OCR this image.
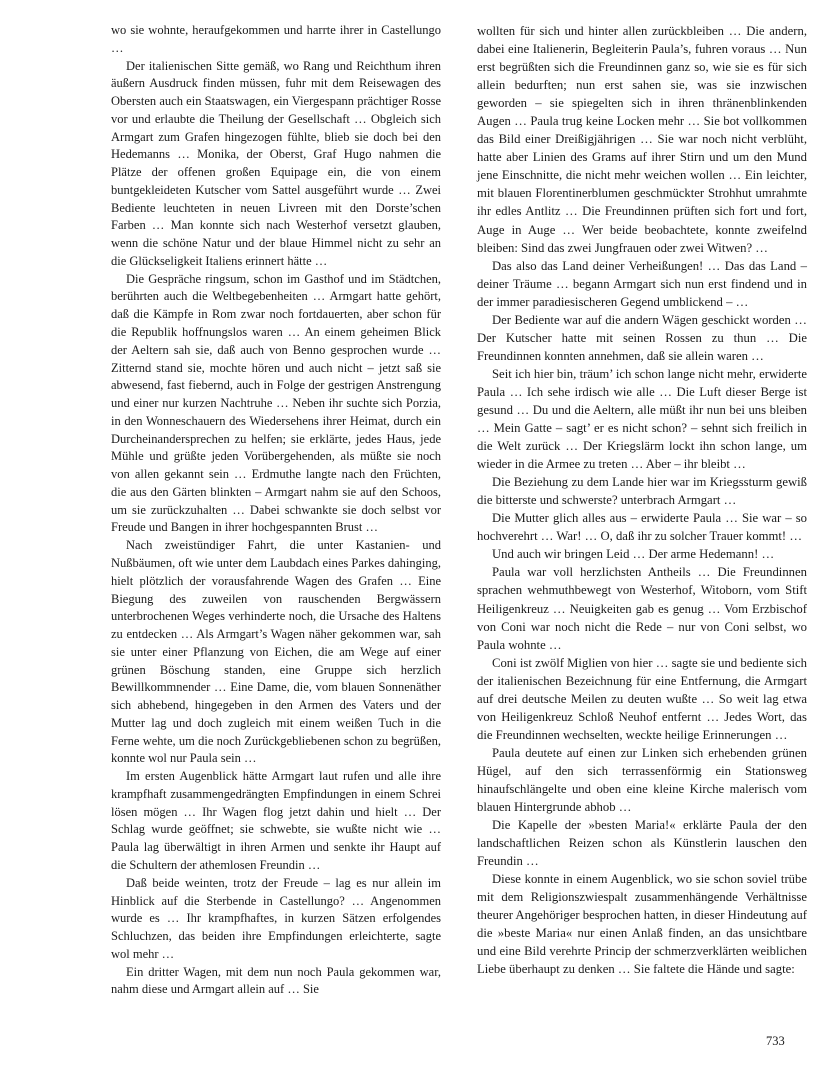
wo sie wohnte, heraufgekommen und harrte ihrer in Castellungo …

Der italienischen Sitte gemäß, wo Rang und Reichthum ihren äußern Ausdruck finden müssen, fuhr mit dem Reisewagen des Obersten auch ein Staatswagen, ein Viergespann prächtiger Rosse vor und erlaubte die Theilung der Gesellschaft … Obgleich sich Armgart zum Grafen hingezogen fühlte, blieb sie doch bei den Hedemanns … Monika, der Oberst, Graf Hugo nahmen die Plätze der offenen großen Equipage ein, die von einem buntgekleideten Kutscher vom Sattel ausgeführt wurde … Zwei Bediente leuchteten in neuen Livreen mit den Dorste’schen Farben … Man konnte sich nach Westerhof versetzt glauben, wenn die schöne Natur und der blaue Himmel nicht zu sehr an die Glückseligkeit Italiens erinnert hätte …

Die Gespräche ringsum, schon im Gasthof und im Städtchen, berührten auch die Weltbegebenheiten … Armgart hatte gehört, daß die Kämpfe in Rom zwar noch fortdauerten, aber schon für die Republik hoffnungslos waren … An einem geheimen Blick der Aeltern sah sie, daß auch von Benno gesprochen wurde … Zitternd stand sie, mochte hören und auch nicht – jetzt saß sie abwesend, fast fiebernd, auch in Folge der gestrigen Anstrengung und einer nur kurzen Nachtruhe … Neben ihr suchte sich Porzia, in den Wonneschauern des Wiedersehens ihrer Heimat, durch ein Durcheinandersprechen zu helfen; sie erklärte, jedes Haus, jede Mühle und grüßte jeden Vorübergehenden, als müßte sie noch von allen gekannt sein … Erdmuthe langte nach den Früchten, die aus den Gärten blinkten – Armgart nahm sie auf den Schoos, um sie zurückzuhalten … Dabei schwankte sie doch selbst vor Freude und Bangen in ihrer hochgespannten Brust …

Nach zweistündiger Fahrt, die unter Kastanien- und Nußbäumen, oft wie unter dem Laubdach eines Parkes dahinging, hielt plötzlich der vorausfahrende Wagen des Grafen … Eine Biegung des zuweilen von rauschenden Bergwässern unterbrochenen Weges verhinderte noch, die Ursache des Haltens zu entdecken … Als Armgart’s Wagen näher gekommen war, sah sie unter einer Pflanzung von Eichen, die am Wege auf einer grünen Böschung standen, eine Gruppe sich herzlich Bewillkommnender … Eine Dame, die, vom blauen Sonnenäther sich abhebend, hingegeben in den Armen des Vaters und der Mutter lag und doch zugleich mit einem weißen Tuch in die Ferne wehte, um die noch Zurückgebliebenen schon zu begrüßen, konnte wol nur Paula sein …

Im ersten Augenblick hätte Armgart laut rufen und alle ihre krampfhaft zusammengedrängten Empfindungen in einem Schrei lösen mögen … Ihr Wagen flog jetzt dahin und hielt … Der Schlag wurde geöffnet; sie schwebte, sie wußte nicht wie … Paula lag überwältigt in ihren Armen und senkte ihr Haupt auf die Schultern der athemlosen Freundin …

Daß beide weinten, trotz der Freude – lag es nur allein im Hinblick auf die Sterbende in Castellungo? … Angenommen wurde es … Ihr krampfhaftes, in kurzen Sätzen erfolgendes Schluchzen, das beiden ihre Empfindungen erleichterte, sagte wol mehr …

Ein dritter Wagen, mit dem nun noch Paula gekommen war, nahm diese und Armgart allein auf … Sie

wollten für sich und hinter allen zurückbleiben … Die andern, dabei eine Italienerin, Begleiterin Paula’s, fuhren voraus … Nun erst begrüßten sich die Freundinnen ganz so, wie sie es für sich allein bedurften; nun erst sahen sie, was sie inzwischen geworden – sie spiegelten sich in ihren thränenblinkenden Augen … Paula trug keine Locken mehr … Sie bot vollkommen das Bild einer Dreißigjährigen … Sie war noch nicht verblüht, hatte aber Linien des Grams auf ihrer Stirn und um den Mund jene Einschnitte, die nicht mehr weichen wollen … Ein leichter, mit blauen Florentinerblumen geschmückter Strohhut umrahmte ihr edles Antlitz … Die Freundinnen prüften sich fort und fort, Auge in Auge … Wer beide beobachtete, konnte zweifelnd bleiben: Sind das zwei Jungfrauen oder zwei Witwen? …

Das also das Land deiner Verheißungen! … Das das Land – deiner Träume … begann Armgart sich nun erst findend und in der immer paradiesischeren Gegend umblickend – …

Der Bediente war auf die andern Wägen geschickt worden … Der Kutscher hatte mit seinen Rossen zu thun … Die Freundinnen konnten annehmen, daß sie allein waren …

Seit ich hier bin, träum’ ich schon lange nicht mehr, erwiderte Paula … Ich sehe irdisch wie alle … Die Luft dieser Berge ist gesund … Du und die Aeltern, alle müßt ihr nun bei uns bleiben … Mein Gatte – sagt’ er es nicht schon? – sehnt sich freilich in die Welt zurück … Der Kriegslärm lockt ihn schon lange, um wieder in die Armee zu treten … Aber – ihr bleibt …

Die Beziehung zu dem Lande hier war im Kriegssturm gewiß die bitterste und schwerste? unterbrach Armgart …

Die Mutter glich alles aus – erwiderte Paula … Sie war – so hochverehrt … War! … O, daß ihr zu solcher Trauer kommt! …

Und auch wir bringen Leid … Der arme Hedemann! …

Paula war voll herzlichsten Antheils … Die Freundinnen sprachen wehmuthbewegt von Westerhof, Witoborn, vom Stift Heiligenkreuz … Neuigkeiten gab es genug … Vom Erzbischof von Coni war noch nicht die Rede – nur von Coni selbst, wo Paula wohnte …

Coni ist zwölf Miglien von hier … sagte sie und bediente sich der italienischen Bezeichnung für eine Entfernung, die Armgart auf drei deutsche Meilen zu deuten wußte … So weit lag etwa von Heiligenkreuz Schloß Neuhof entfernt … Jedes Wort, das die Freundinnen wechselten, weckte heilige Erinnerungen …

Paula deutete auf einen zur Linken sich erhebenden grünen Hügel, auf den sich terrassenförmig ein Stationsweg hinaufschlängelte und oben eine kleine Kirche malerisch vom blauen Hintergrunde abhob …

Die Kapelle der »besten Maria!« erklärte Paula der den landschaftlichen Reizen schon als Künstlerin lauschen den Freundin …

Diese konnte in einem Augenblick, wo sie schon soviel trübe mit dem Religionszwiespalt zusammenhängende Verhältnisse theurer Angehöriger besprochen hatten, in dieser Hindeutung auf die »beste Maria« nur einen Anlaß finden, an das unsichtbare und eine Bild verehrte Princip der schmerzverklärten weiblichen Liebe überhaupt zu denken … Sie faltete die Hände und sagte:

733
